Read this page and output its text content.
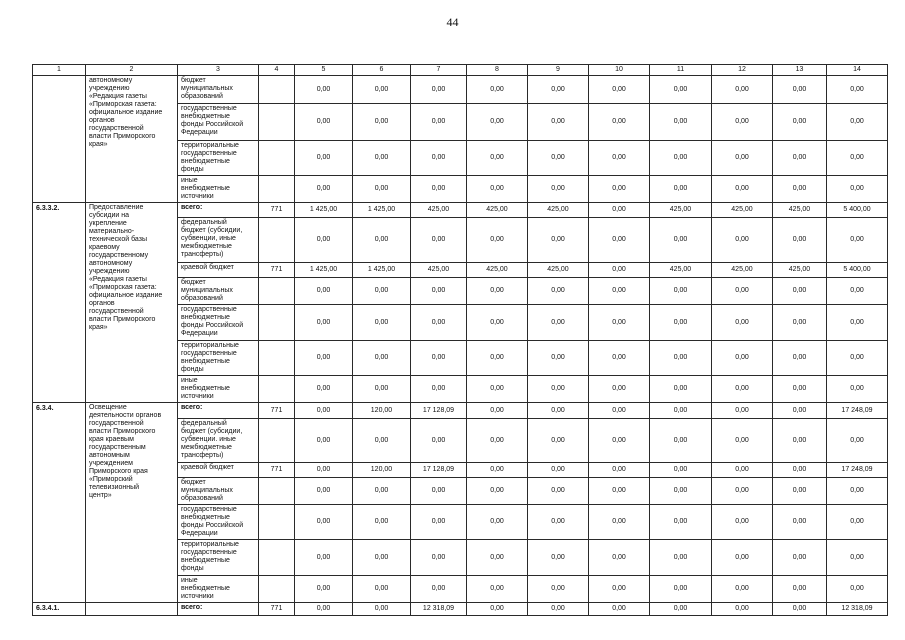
44
1	2	3	4	5	6	7	8	9	10	11	12	13	14
	автономному учреждению «Редакция газеты «Приморская газета: официальное издание органов государственной власти Приморского края»	бюджет муниципальных образований		0,00	0,00	0,00	0,00	0,00	0,00	0,00	0,00	0,00	0,00
		государственные внебюджетные фонды Российской Федерации		0,00	0,00	0,00	0,00	0,00	0,00	0,00	0,00	0,00	0,00
		территориальные государственные внебюджетные фонды		0,00	0,00	0,00	0,00	0,00	0,00	0,00	0,00	0,00	0,00
		иные внебюджетные источники		0,00	0,00	0,00	0,00	0,00	0,00	0,00	0,00	0,00	0,00
6.3.3.2.	Предоставление субсидии на укрепление материально-технической базы краевому государственному автономному учреждению «Редакция газеты «Приморская газета: официальное издание органов государственной власти Приморского края»	всего:	771	1 425,00	1 425,00	425,00	425,00	425,00	0,00	425,00	425,00	425,00	5 400,00
		федеральный бюджет (субсидии, субвенции, иные межбюджетные трансферты)		0,00	0,00	0,00	0,00	0,00	0,00	0,00	0,00	0,00	0,00
		краевой бюджет	771	1 425,00	1 425,00	425,00	425,00	425,00	0,00	425,00	425,00	425,00	5 400,00
		бюджет муниципальных образований		0,00	0,00	0,00	0,00	0,00	0,00	0,00	0,00	0,00	0,00
		государственные внебюджетные фонды Российской Федерации		0,00	0,00	0,00	0,00	0,00	0,00	0,00	0,00	0,00	0,00
		территориальные государственные внебюджетные фонды		0,00	0,00	0,00	0,00	0,00	0,00	0,00	0,00	0,00	0,00
		иные внебюджетные источники		0,00	0,00	0,00	0,00	0,00	0,00	0,00	0,00	0,00	0,00
6.3.4.	Освещение деятельности органов государственной власти Приморского края краевым государственным автономным учреждением Приморского края «Приморский телевизионный центр»	всего:	771	0,00	120,00	17 128,09	0,00	0,00	0,00	0,00	0,00	0,00	17 248,09
		федеральный бюджет (субсидии, субвенции. иные межбюджетные трансферты)		0,00	0,00	0,00	0,00	0,00	0,00	0,00	0,00	0,00	0,00
		краевой бюджет	771	0,00	120,00	17 128,09	0,00	0,00	0,00	0,00	0,00	0,00	17 248,09
		бюджет муниципальных образований		0,00	0,00	0,00	0,00	0,00	0,00	0,00	0,00	0,00	0,00
		государственные внебюджетные фонды Российской Федерации		0,00	0,00	0,00	0,00	0,00	0,00	0,00	0,00	0,00	0,00
		территориальные государственные внебюджетные фонды		0,00	0,00	0,00	0,00	0,00	0,00	0,00	0,00	0,00	0,00
		иные внебюджетные источники		0,00	0,00	0,00	0,00	0,00	0,00	0,00	0,00	0,00	0,00
6.3.4.1.		всего:	771	0,00	0,00	12 318,09	0,00	0,00	0,00	0,00	0,00	0,00	12 318,09
